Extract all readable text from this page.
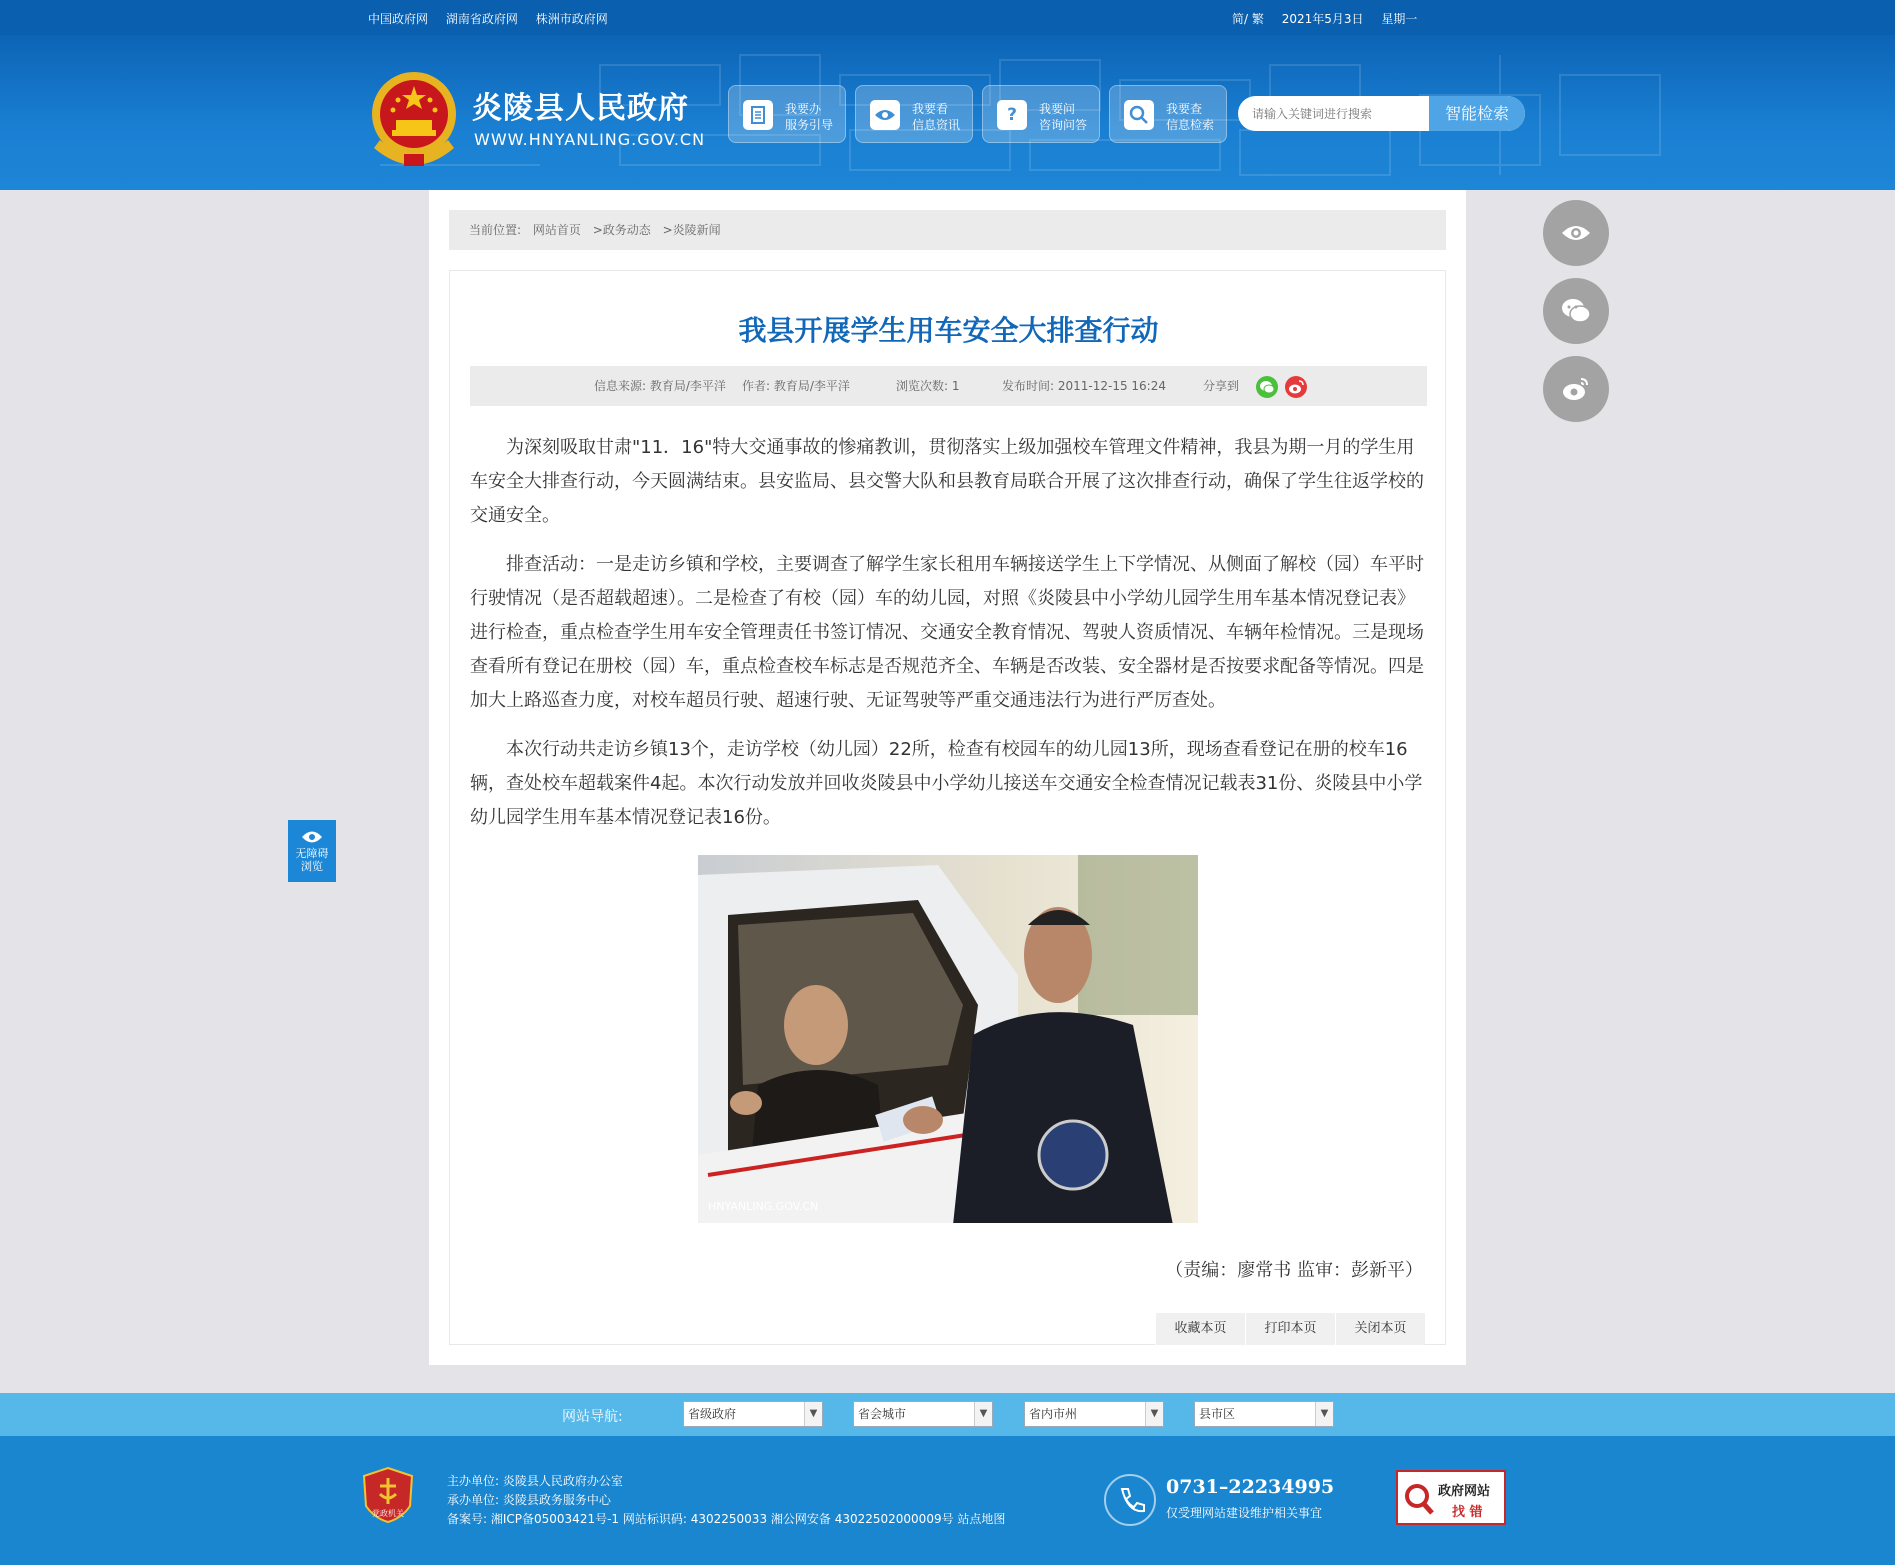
中国政府网 湖南省政府网 株洲市政府网	简/ 繁 2021年5月3日 星期一
炎陵县人民政府
WWW.HNYANLING.GOV.CN
我要办
服务引导
我要看
信息资讯	?	我要问
咨询问答
我要查
信息检索
请输入关键词进行搜索
智能检索
当前位置: 网站首页 >政务动态 >炎陵新闻
我县开展学生用车安全大排查行动
信息来源: 教育局/李平洋 作者: 教育局/李平洋	浏览次数: 1	发布时间: 2011-12-15 16:24	分享到

为深刻吸取甘肃"11．16"特大交通事故的惨痛教训，贯彻落实上级加强校车管理文件精神，我县为期一月的学生用车安全大排查行动，今天圆满结束。县安监局、县交警大队和县教育局联合开展了这次排查行动，确保了学生往返学校的交通安全。

排查活动：一是走访乡镇和学校，主要调查了解学生家长租用车辆接送学生上下学情况、从侧面了解校（园）车平时行驶情况（是否超载超速）。二是检查了有校（园）车的幼儿园，对照《炎陵县中小学幼儿园学生用车基本情况登记表》进行检查，重点检查学生用车安全管理责任书签订情况、交通安全教育情况、驾驶人资质情况、车辆年检情况。三是现场查看所有登记在册校（园）车，重点检查校车标志是否规范齐全、车辆是否改装、安全器材是否按要求配备等情况。四是加大上路巡查力度，对校车超员行驶、超速行驶、无证驾驶等严重交通违法行为进行严厉查处。

本次行动共走访乡镇13个，走访学校（幼儿园）22所，检查有校园车的幼儿园13所，现场查看登记在册的校车16辆，查处校车超载案件4起。本次行动发放并回收炎陵县中小学幼儿接送车交通安全检查情况记载表31份、炎陵县中小学幼儿园学生用车基本情况登记表16份。

HNYANLING.GOV.CN
（责编：廖常书 监审：彭新平）
收藏本页	打印本页	关闭本页
无障碍
浏览
网站导航:	省级政府	▼	省会城市	▼	省内市州	▼	县市区	▼
党政机关
主办单位: 炎陵县人民政府办公室
承办单位: 炎陵县政务服务中心
备案号: 湘ICP备05003421号-1 网站标识码: 4302250033 湘公网安备 43022502000009号 站点地图
0731–22234995
仅受理网站建设维护相关事宜
政府网站
找 错
